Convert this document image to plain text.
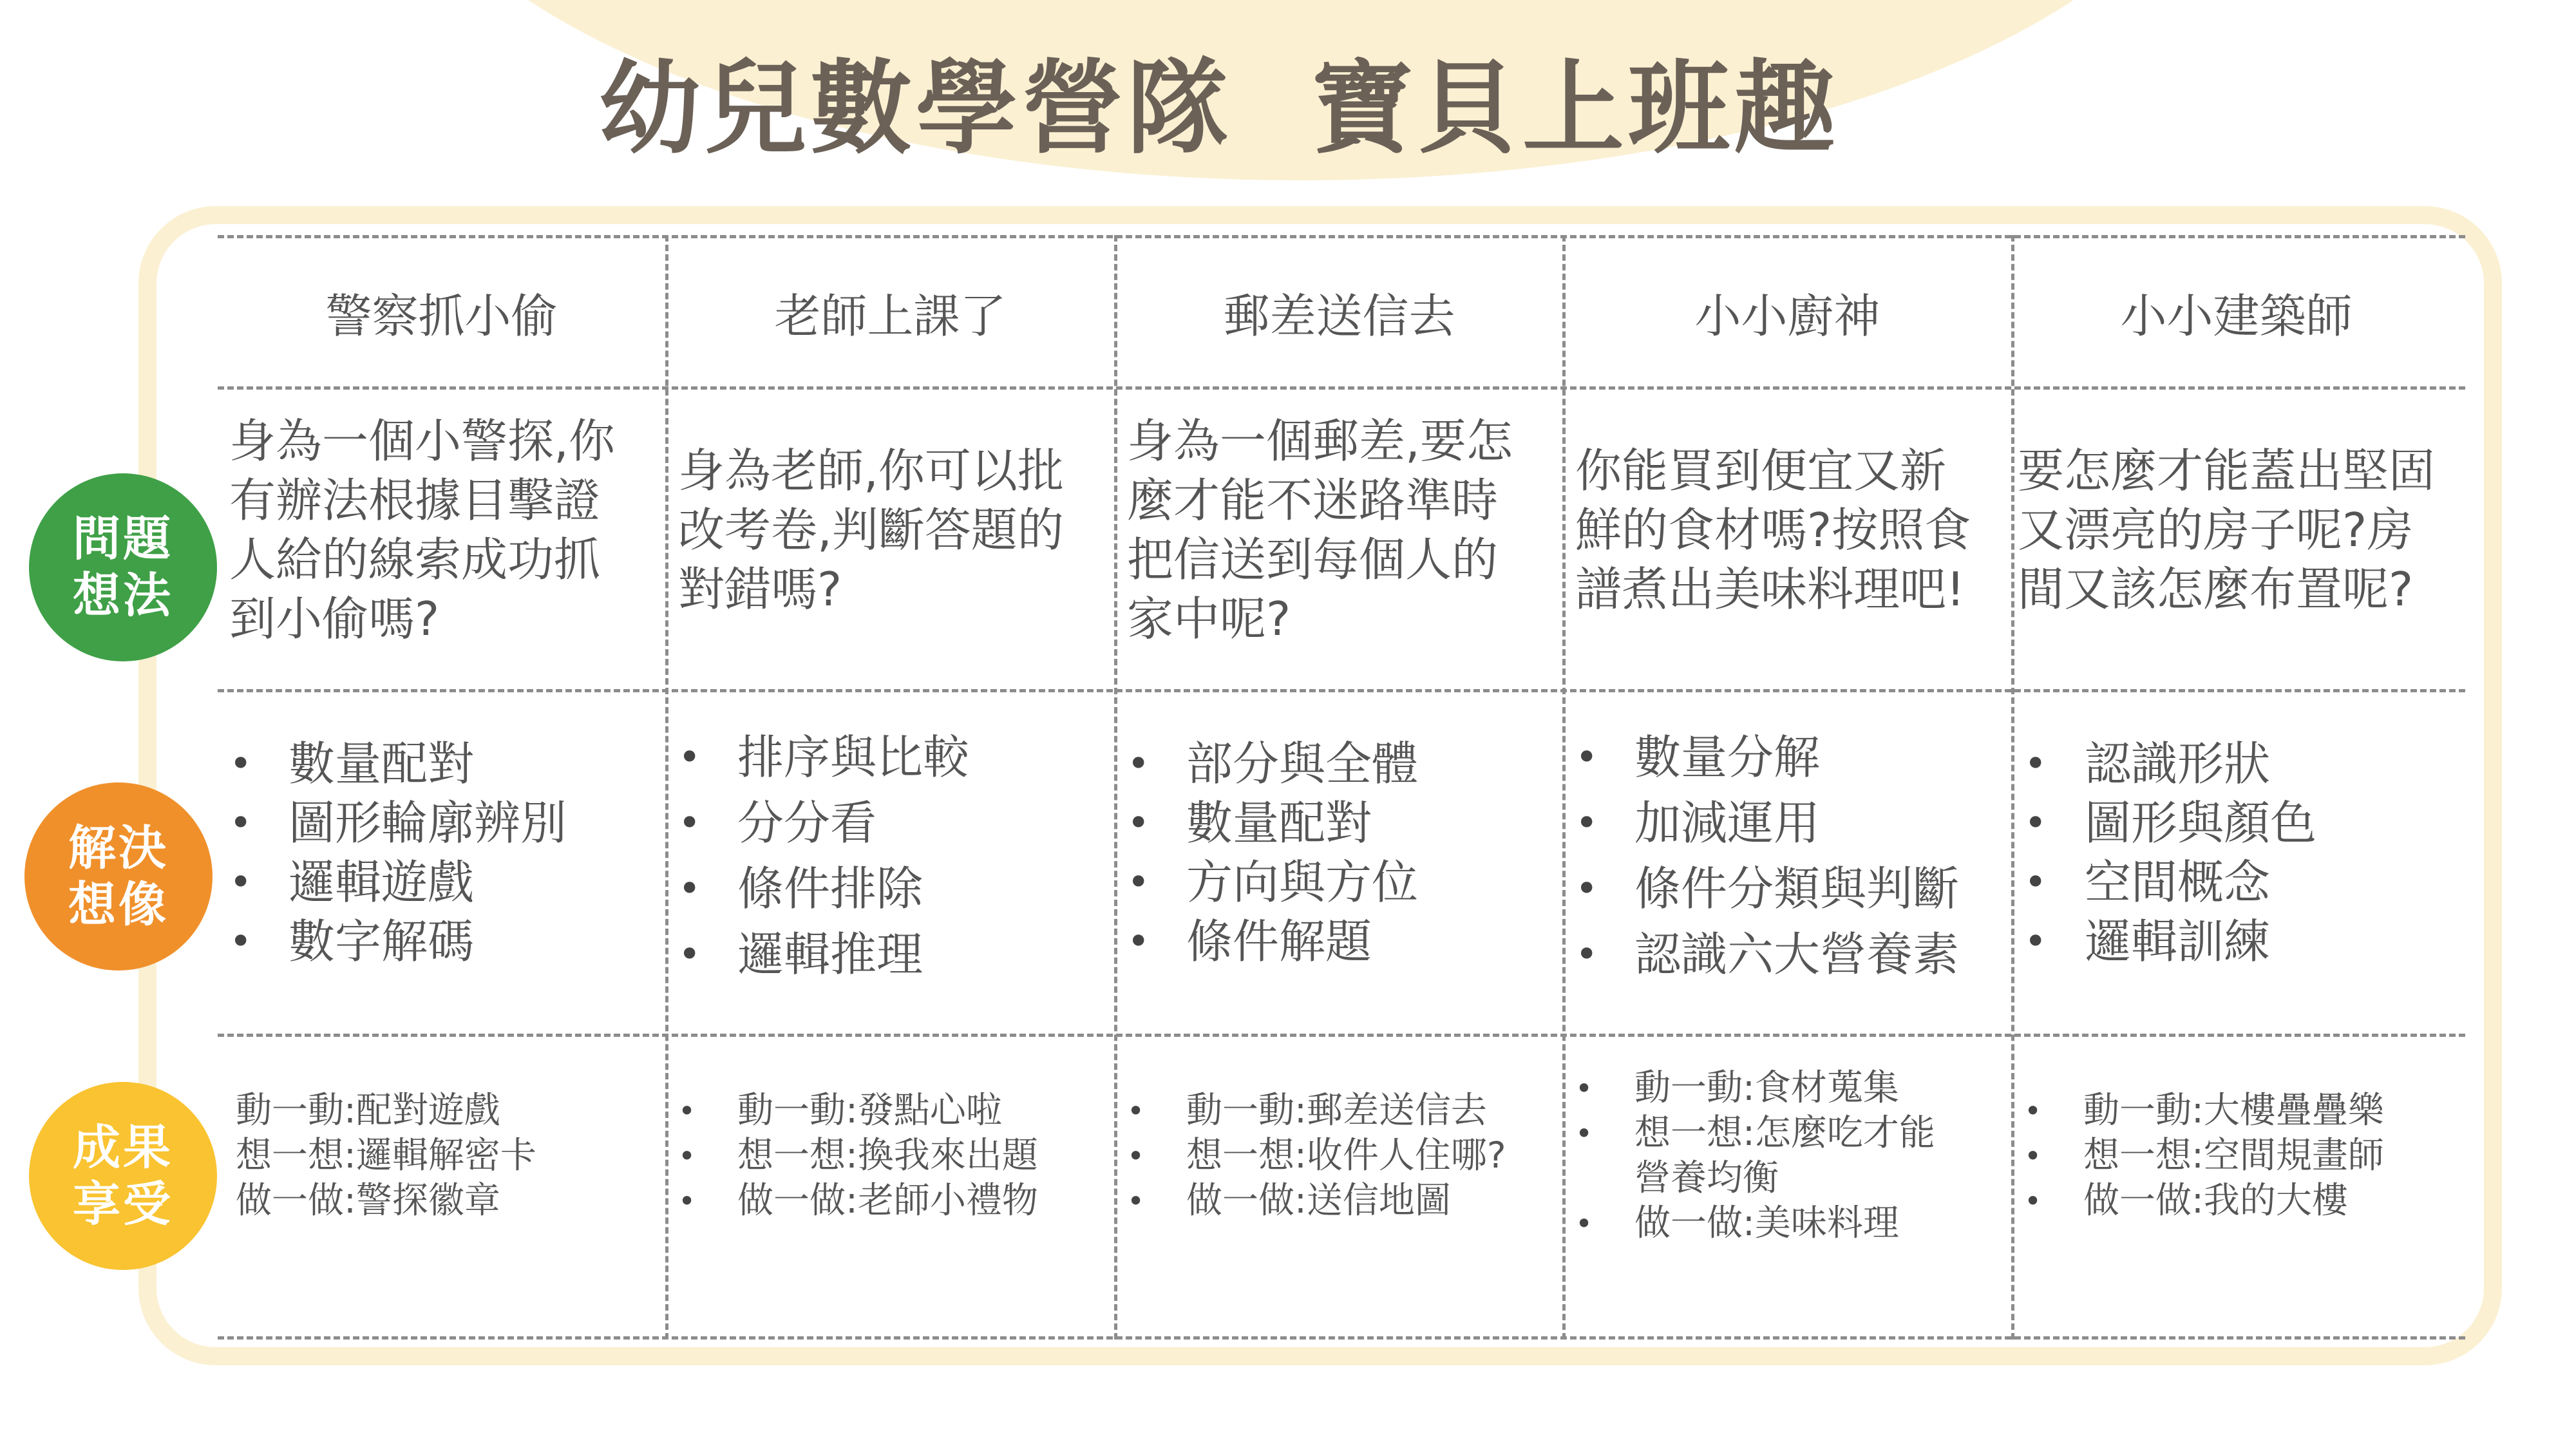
幼兒數學營隊  寶貝上班趣
問題
想法
解決
想像
成果
享受
警察抓小偷
身為一個小警探,你
有辦法根據目擊證
人給的線索成功抓
到小偷嗎?
• 數量配對
• 圖形輪廓辨別
• 邏輯遊戲
• 數字解碼
動一動:配對遊戲
想一想:邏輯解密卡
做一做:警探徽章
老師上課了
身為老師,你可以批
改考卷,判斷答題的
對錯嗎?
• 排序與比較
• 分分看
• 條件排除
• 邏輯推理
• 動一動:發點心啦
• 想一想:換我來出題
• 做一做:老師小禮物
郵差送信去
身為一個郵差,要怎
麼才能不迷路準時
把信送到每個人的
家中呢?
• 部分與全體
• 數量配對
• 方向與方位
• 條件解題
• 動一動:郵差送信去
• 想一想:收件人住哪?
• 做一做:送信地圖
小小廚神
你能買到便宜又新
鮮的食材嗎?按照食
譜煮出美味料理吧!
• 數量分解
• 加減運用
• 條件分類與判斷
• 認識六大營養素
• 動一動:食材蒐集
• 想一想:怎麼吃才能
營養均衡
• 做一做:美味料理
小小建築師
要怎麼才能蓋出堅固
又漂亮的房子呢?房
間又該怎麼布置呢?
• 認識形狀
• 圖形與顏色
• 空間概念
• 邏輯訓練
• 動一動:大樓疊疊樂
• 想一想:空間規畫師
• 做一做:我的大樓
